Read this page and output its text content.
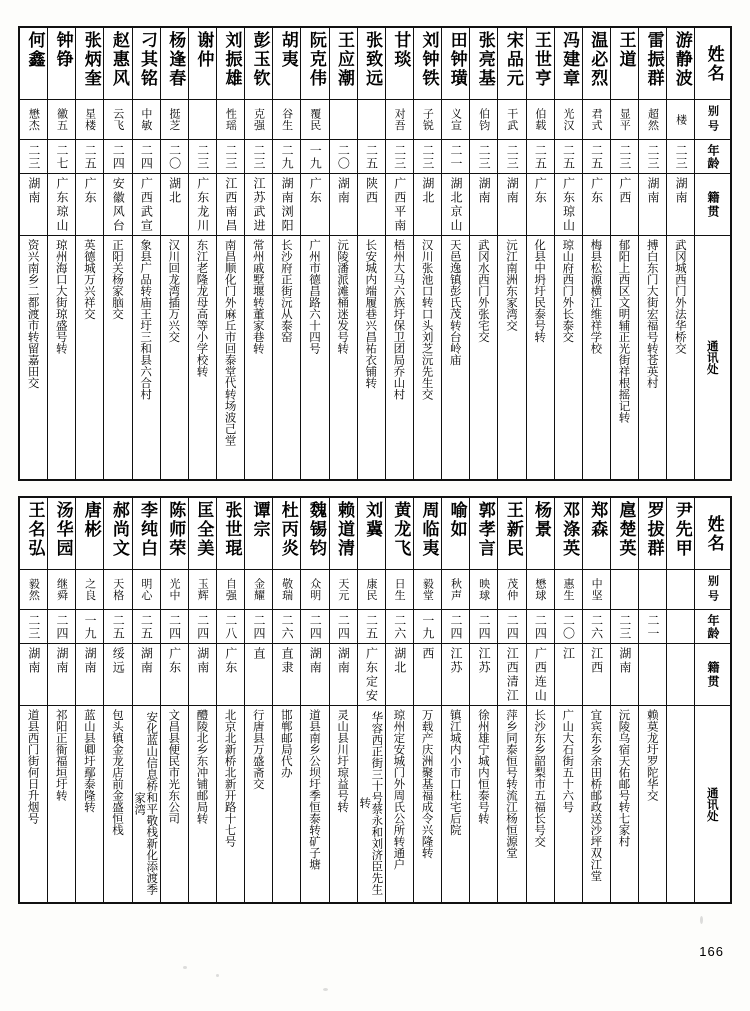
何鑫	钟铮	张炳奎	赵惠风	刁其铭	杨逢春	谢仲	刘振雄	彭玉钦	胡夷	阮克伟	王应潮	张致远	甘琰	刘钟铁	田钟璜	张亮基	宋品元	王世亨	冯建章	温必烈	王道	雷振群	游静波	姓名

懋杰	徽五	星楼	云飞	中敏	挺芝		性瑶	克强	谷生	覆民			对吾	子锐	义宣	伯钧	干武	伯载	光汉	君式	显平	超然	楼	别号

二三	二七	二五	二四	二四	二〇	二三	二三	二三	二九	一九	二〇	二五	二三	二三	二一	二三	二三	二五	二五	二五	二三	二三	二三	年龄

湖南	广东琼山	广东	安徽风台	广西武宣	湖北	广东龙川	江西南昌	江苏武进	湖南浏阳	广东	湖南	陕西	广西平南	湖北	湖北京山	湖南	湖南	广东	广东琼山	广东	广西	湖南	湖南	籍贯

资兴南乡二都渡市转留嘉田交	琼州海口大街琼盛号转	英德城万兴祥交	正阳关杨家脑交	象县广品转庙王圩三和县六合村	汉川回龙湾插万兴交	东江老隆龙母高等小学校转	南昌顺化门外麻丘市回泰堂代转场波己堂	常州戚墅堰转董家巷转	长沙府正街沅从泰窑	广州市德昌路六十四号	沅陵潘派滩桶迷发号转	长安城内端履巷兴昌祐衣铺转	梧州大马六族圩保卫团局乔山村	汉川张池口转口头刘芝沅先生交	天邑逸镇彭氏茂转台岭庙	武冈水西门外张宅交	沅江南洲东家湾交	化县中坍圩民泰号转	琼山府西门外长泰交	梅县松源横江维祥学校	郁阳上西区文明辅正光街祥根摇记转	搏白东门大街宏福号转苍英村	武冈城西门外法华桥交	通讯处
王名弘	汤华园	唐彬	郝尚文	李纯白	陈师荣	匡全美	张世琨	谭宗	杜丙炎	魏锡钧	赖道清	刘冀	黄龙飞	周临夷	喻如	郭孝言	王新民	杨景	邓涤英	郑森	扈楚英	罗拔群	尹先甲	姓名

毅然	继舜	之良	天格	明心	光中	玉辉	自强	金耀	敬瑞	众明	天元	康民	日生	毅堂	秋声	映球	茂仲	懋球	惠生	中坚				别号

二三	二四	一九	二五	二五	二四	二四	二八	二四	二六	二四	二四	二五	二六	一九	二四	二四	二四	二四	二〇	二六	二三	二一		年龄

湖南	湖南	湖南	绥远	湖南	广东	湖南	广东	直	直隶	湖南	湖南	广东定安	湖北	西	江苏	江苏	江西清江	广西连山	江	江西	湖南			籍贯

道县西门街何日升烟号	祁阳正衙福垣圩转	蓝山县卿圩鄢泰隆转	包头镇金龙店前金盛恒栈	安化蓝山信息桥和平敬栈新化添渡季家湾	文昌县便民市光东公司	醴陵北乡东冲铺邮局转	北京北新桥北新开路十七号	行唐县万盛斋交	邯郸邮局代办	道县南乡公坝圩季恒泰转矿子塘	灵山县川圩琼益号转	华容西正街三十号蔡永和刘济臣先生转	琼州定安城门外周氏公所转通户	万载产庆洲聚基福成令兴隆转	镇江城内小市口杜宅后院	徐州雄宁城内恒泰号转	萍乡同泰恒号转流江杨恒源堂	长沙东乡韶梨市五福长号交	广山大石街五十六号	宜宾东乡余田桥邮政送沙坪双江堂	沅陵乌宿天佑邮号转七家村	赖莫龙圩罗陀华交		通讯处
166
